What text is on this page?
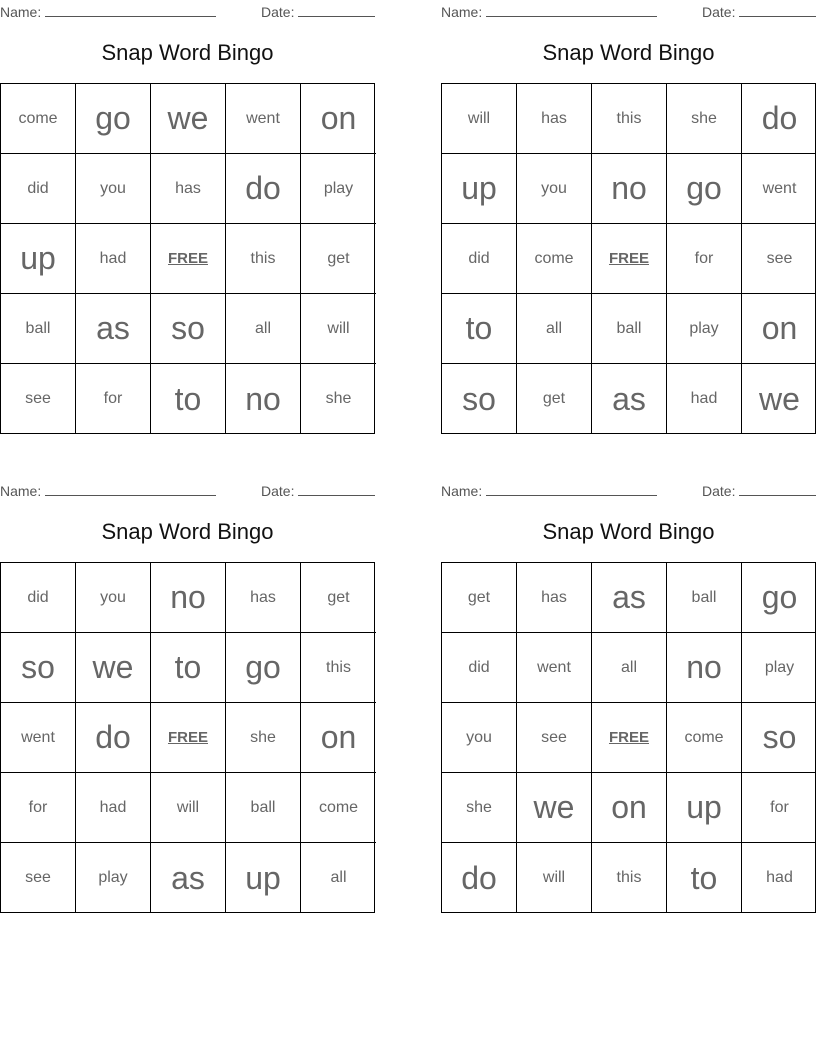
Name:	Date:
Snap Word Bingo
come	go	we	went	on
did	you	has	do	play
up	had	FREE	this	get
ball	as	so	all	will
see	for	to	no	she
Name:	Date:
Snap Word Bingo
will	has	this	she	do
up	you	no	go	went
did	come	FREE	for	see
to	all	ball	play	on
so	get	as	had	we
Name:	Date:
Snap Word Bingo
did	you	no	has	get
so	we	to	go	this
went	do	FREE	she	on
for	had	will	ball	come
see	play	as	up	all
Name:	Date:
Snap Word Bingo
get	has	as	ball	go
did	went	all	no	play
you	see	FREE	come	so
she	we	on	up	for
do	will	this	to	had
